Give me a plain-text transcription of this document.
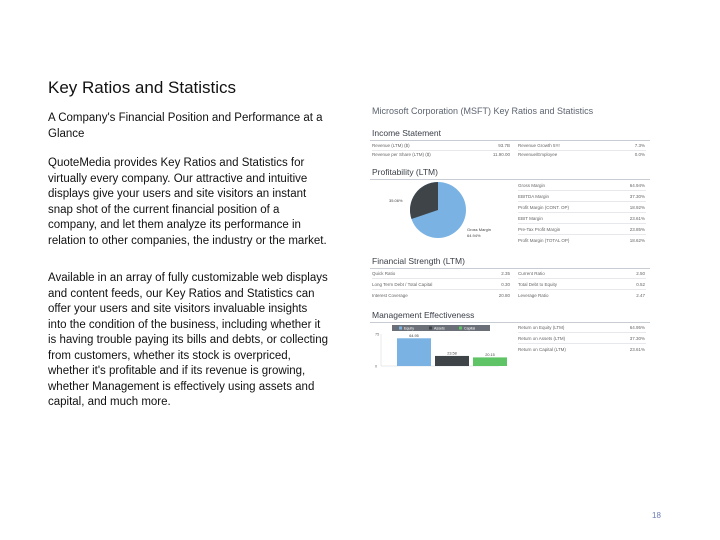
Key Ratios and Statistics

A Company's Financial Position and Performance at a Glance

QuoteMedia provides Key Ratios and Statistics for virtually every company. Our attractive and intuitive displays give your users and site visitors an instant snap shot of the current financial position of a company, and let them analyze its performance in relation to other companies, the industry or the market.

Available in an array of fully customizable web displays and content feeds, our Key Ratios and Statistics can offer your users and site visitors invaluable insights into the condition of the business, including whether it is having trouble paying its bills and debts, or collecting from customers, whether its stock is overpriced, whether it's profitable and if its revenue is growing, whether Management is effectively using assets and capital, and much more.

Microsoft Corporation (MSFT) Key Ratios and Statistics
Income Statement
Revenue (LTM) ($)	93.7B Revenue Growth 5Yr	7.3%
Revenue per Share (LTM) ($)	11.90.00 Revenue/Employee	0.0%
Profitability (LTM)
35.06%
Gross Margin
64.94%
Gross Margin	64.94%
EBITDA Margin	37.30%
Profit Margin (CONT. OP)	18.92%
EBIT Margin	23.61%
Pre-Tax Profit Margin	23.85%
Profit Margin (TOTAL OP)	18.62%
Financial Strength (LTM)
Quick Ratio	2.35 Current Ratio	2.50
Long Term Debt / Total Capital	0.30 Total Debt to Equity	0.52
Interest Coverage	20.80 Leverage Ratio	2.47
Management Effectiveness
Equity	Assets	Capital
75
0
64.95
23.58	20.15
Return on Equity (LTM)	64.95%
Return on Assets (LTM)	37.30%
Return on Capital (LTM)	23.61%
18
